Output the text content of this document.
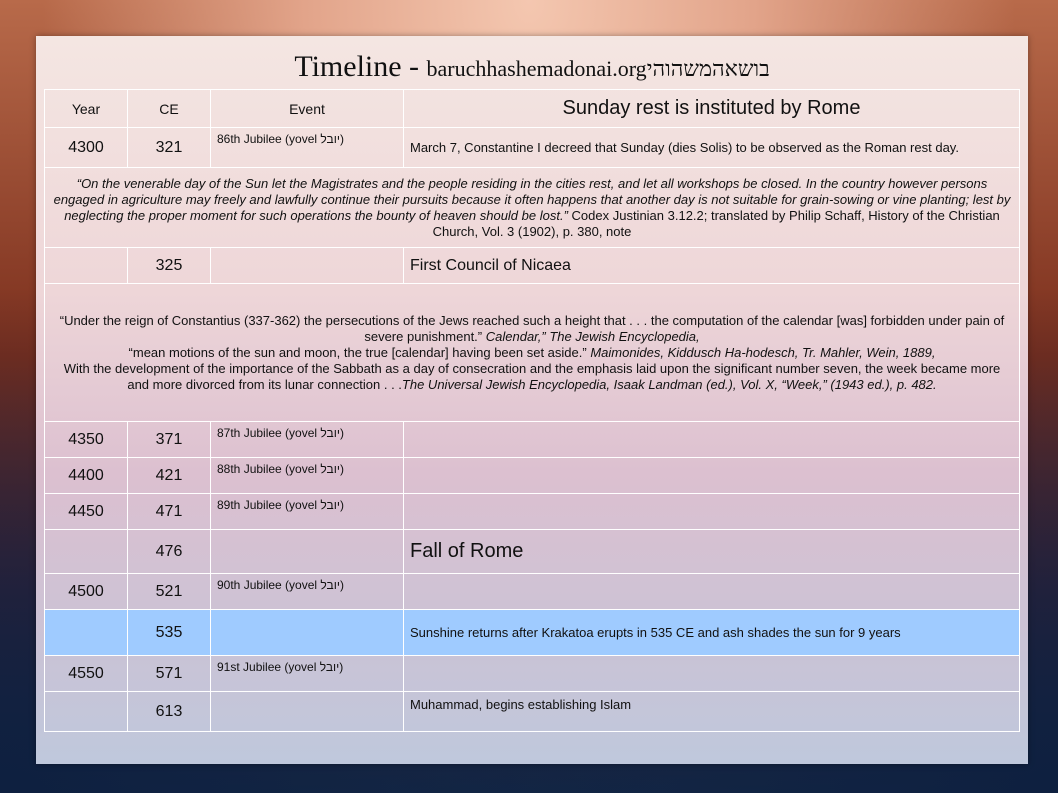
Timeline - baruchhashemadonai.orgבושאהמשהוהי
Year	CE	Event	Sunday rest is instituted by Rome
4300	321	86th Jubilee (yovel יובל)	March 7, Constantine I decreed that Sunday (dies Solis) to be observed as the Roman rest day.
“On the venerable day of the Sun let the Magistrates and the people residing in the cities rest, and let all workshops be closed. In the country however persons engaged in agriculture may freely and lawfully continue their pursuits because it often happens that another day is not suitable for grain-sowing or vine planting; lest by neglecting the proper moment for such operations the bounty of heaven should be lost.” Codex Justinian 3.12.2; translated by Philip Schaff, History of the Christian Church, Vol. 3 (1902), p. 380, note			
	325		First Council of Nicaea
“Under the reign of Constantius (337-362) the persecutions of the Jews reached such a height that . . . the computation of the calendar [was] forbidden under pain of severe punishment.” Calendar,” The Jewish Encyclopedia,
“mean motions of the sun and moon, the true [calendar] having been set aside.” Maimonides, Kiddusch Ha-hodesch, Tr. Mahler, Wein, 1889,
With the development of the importance of the Sabbath as a day of consecration and the emphasis laid upon the significant number seven, the week became more and more divorced from its lunar connection . . .The Universal Jewish Encyclopedia, Isaak Landman (ed.), Vol. X, “Week,” (1943 ed.), p. 482.			
4350	371	87th Jubilee (yovel יובל)	
4400	421	88th Jubilee (yovel יובל)	
4450	471	89th Jubilee (yovel יובל)	
	476		Fall of Rome
4500	521	90th Jubilee (yovel יובל)	
	535		Sunshine returns after Krakatoa erupts in 535 CE and ash shades the sun for 9 years
4550	571	91st Jubilee (yovel יובל)	
	613		Muhammad, begins establishing Islam
